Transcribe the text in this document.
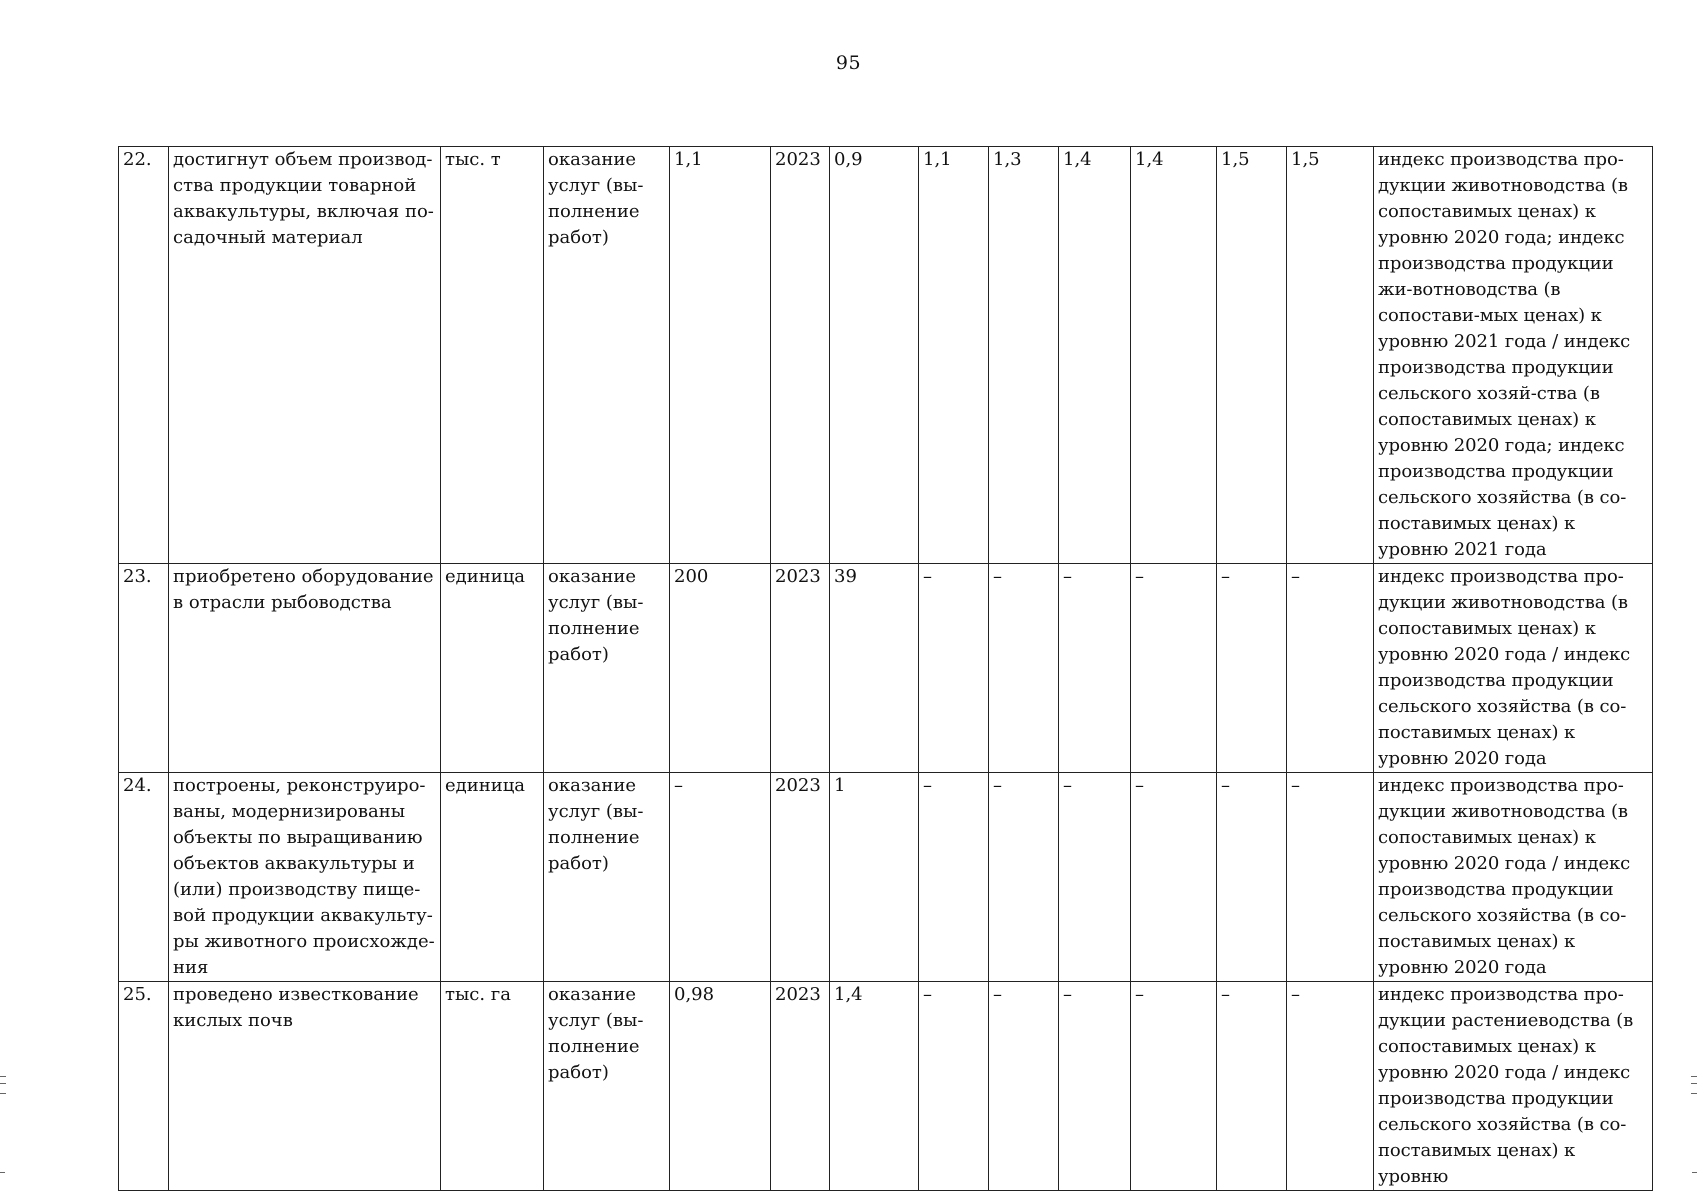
95
22.	достигнут объем производ-ства продукции товарной аквакультуры, включая по-садочный материал	тыс. т	оказание услуг (вы-полнение работ)	1,1	2023	0,9	1,1	1,3	1,4	1,4	1,5	1,5	индекс производства про-дукции животноводства (в сопоставимых ценах) к уровню 2020 года; индекс производства продукции жи-вотноводства (в сопостави-мых ценах) к уровню 2021 года / индекс производства продукции сельского хозяй-ства (в сопоставимых ценах) к уровню 2020 года; индекс производства продукции сельского хозяйства (в со-поставимых ценах) к уровню 2021 года
23.	приобретено оборудование в отрасли рыбоводства	единица	оказание услуг (вы-полнение работ)	200	2023	39	–	–	–	–	–	–	индекс производства про-дукции животноводства (в сопоставимых ценах) к уровню 2020 года / индекс производства продукции сельского хозяйства (в со-поставимых ценах) к уровню 2020 года
24.	построены, реконструиро-ваны, модернизированы объекты по выращиванию объектов аквакультуры и (или) производству пище-вой продукции аквакульту-ры животного происхожде-ния	единица	оказание услуг (вы-полнение работ)	–	2023	1	–	–	–	–	–	–	индекс производства про-дукции животноводства (в сопоставимых ценах) к уровню 2020 года / индекс производства продукции сельского хозяйства (в со-поставимых ценах) к уровню 2020 года
25.	проведено известкование кислых почв	тыс. га	оказание услуг (вы-полнение работ)	0,98	2023	1,4	–	–	–	–	–	–	индекс производства про-дукции растениеводства (в сопоставимых ценах) к уровню 2020 года / индекс производства продукции сельского хозяйства (в со-поставимых ценах) к уровню
